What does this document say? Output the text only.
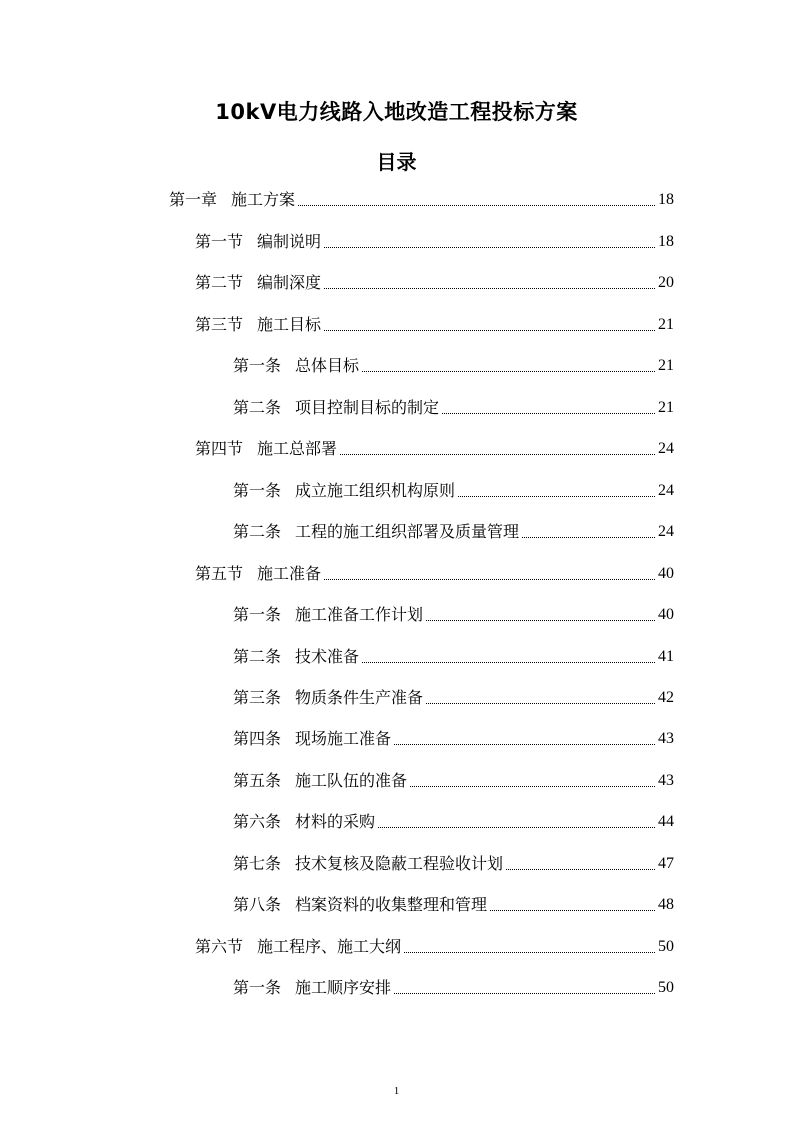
10kV电力线路入地改造工程投标方案
目录
第一章 施工方案	18
第一节 编制说明	18
第二节 编制深度	20
第三节 施工目标	21
第一条 总体目标	21
第二条 项目控制目标的制定	21
第四节 施工总部署	24
第一条 成立施工组织机构原则	24
第二条 工程的施工组织部署及质量管理	24
第五节 施工准备	40
第一条 施工准备工作计划	40
第二条 技术准备	41
第三条 物质条件生产准备	42
第四条 现场施工准备	43
第五条 施工队伍的准备	43
第六条 材料的采购	44
第七条 技术复核及隐蔽工程验收计划	47
第八条 档案资料的收集整理和管理	48
第六节 施工程序、施工大纲	50
第一条 施工顺序安排	50
1
